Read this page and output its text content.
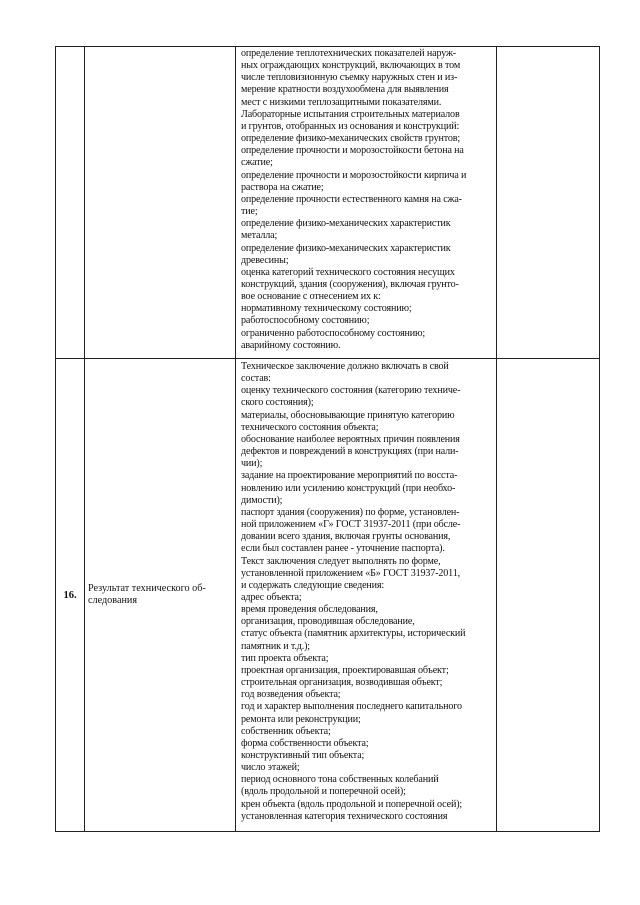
определение теплотехнических показателей наруж-
ных ограждающих конструкций, включающих в том
числе тепловизионную съемку наружных стен и из-
мерение кратности воздухообмена для выявления
мест с низкими теплозащитными показателями.
Лабораторные испытания строительных материалов
и грунтов, отобранных из основания и конструкций:
определение физико-механических свойств грунтов;
определение прочности и морозостойкости бетона на
сжатие;
определение прочности и морозостойкости кирпича и
раствора на сжатие;
определение прочности естественного камня на сжа-
тие;
определение физико-механических характеристик
металла;
определение физико-механических характеристик
древесины;
оценка категорий технического состояния несущих
конструкций, здания (сооружения), включая грунто-
вое основание с отнесением их к:
нормативному техническому состоянию;
работоспособному состоянию;
ограниченно работоспособному состоянию;
аварийному состоянию.
16.
Результат технического об-
следования
Техническое заключение должно включать в свой
состав:
оценку технического состояния (категорию техниче-
ского состояния);
материалы, обосновывающие принятую категорию
технического состояния объекта;
обоснование наиболее вероятных причин появления
дефектов и повреждений в конструкциях (при нали-
чии);
задание на проектирование мероприятий по восста-
новлению или усилению конструкций (при необхо-
димости);
паспорт здания (сооружения) по форме, установлен-
ной приложением «Г» ГОСТ 31937-2011 (при обсле-
довании всего здания, включая грунты основания,
если был составлен ранее - уточнение паспорта).
Текст заключения следует выполнять по форме,
установленной приложением «Б» ГОСТ 31937-2011,
и содержать следующие сведения:
адрес объекта;
время проведения обследования,
организация, проводившая обследование,
статус объекта (памятник архитектуры, исторический
памятник и т.д.);
тип проекта объекта;
проектная организация, проектировавшая объект;
строительная организация, возводившая объект;
год возведения объекта;
год и характер выполнения последнего капитального
ремонта или реконструкции;
собственник объекта;
форма собственности объекта;
конструктивный тип объекта;
число этажей;
период основного тона собственных колебаний
(вдоль продольной и поперечной осей);
крен объекта (вдоль продольной и поперечной осей);
установленная категория технического состояния
